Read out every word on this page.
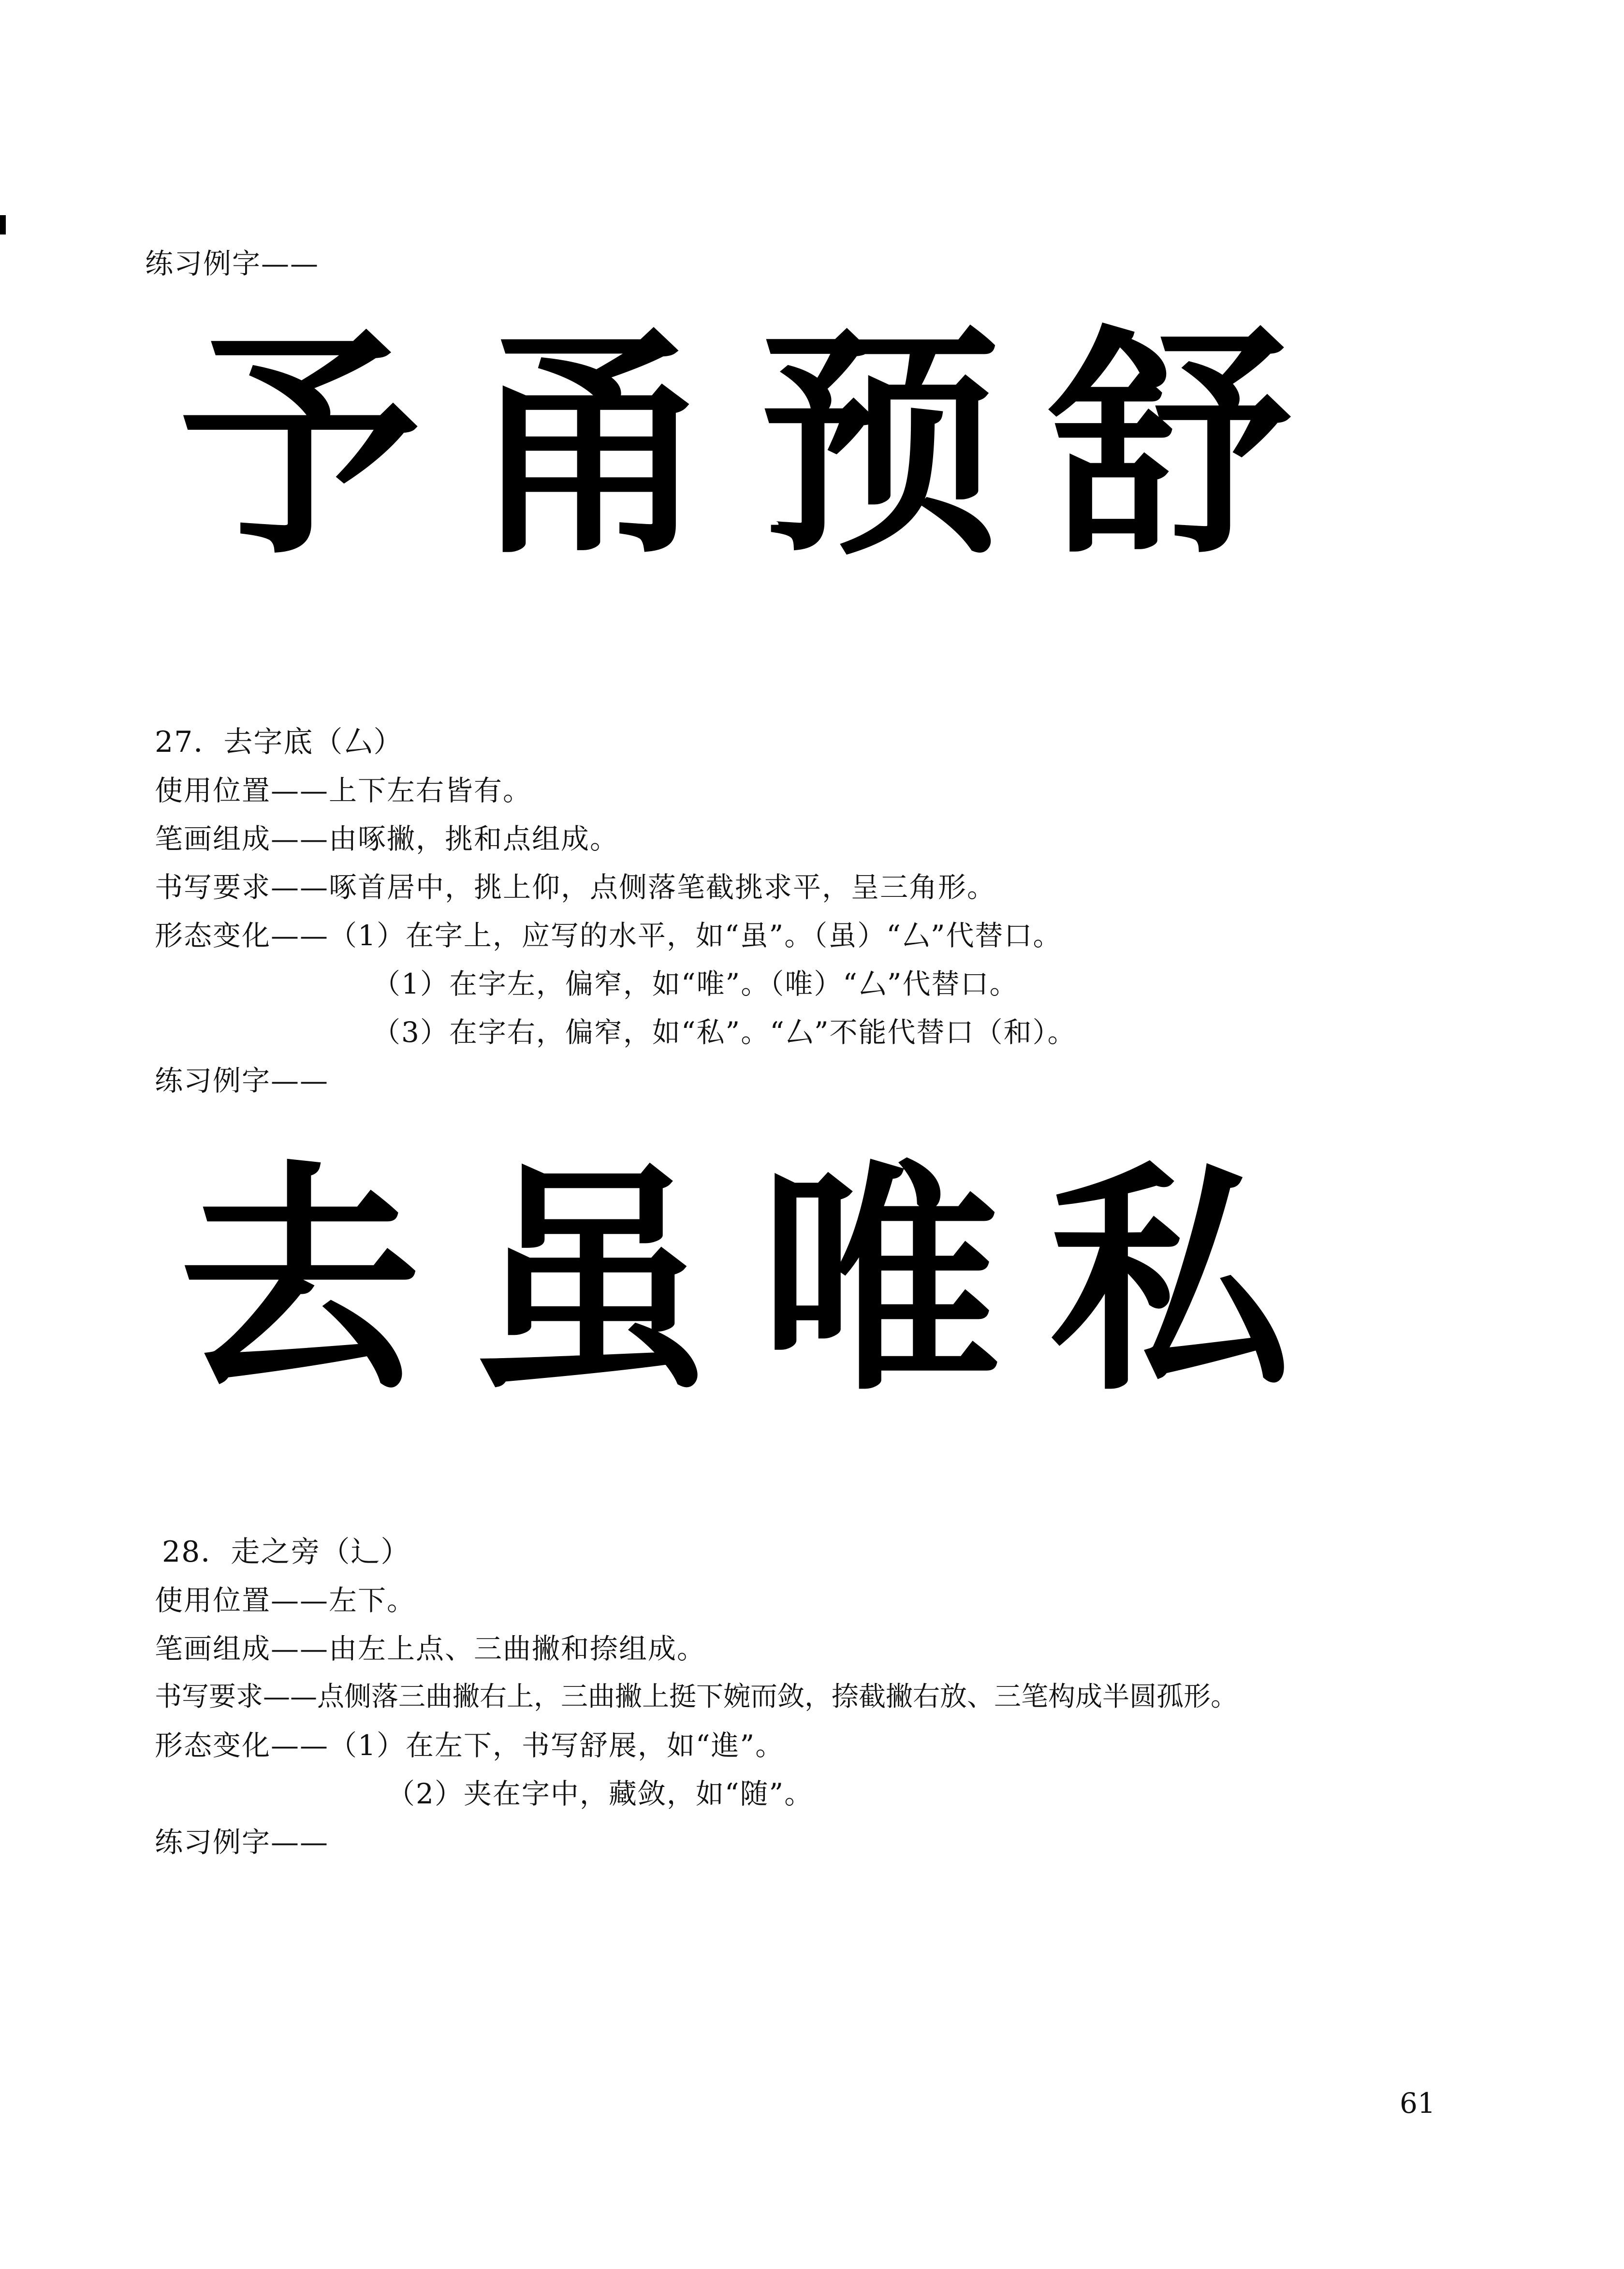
练习例字——
予 甬 预 舒
27．去字底（厶）
使用位置——上下左右皆有。
笔画组成——由啄撇，挑和点组成。
书写要求——啄首居中，挑上仰，点侧落笔截挑求平，呈三角形。
形态变化——（1）在字上，应写的水平，如“虽”。（虽）“厶”代替口。
（1）在字左，偏窄，如“唯”。（唯）“厶”代替口。
（3）在字右，偏窄，如“私”。“厶”不能代替口（和）。
练习例字——
去 虽 唯 私
28．走之旁（辶）
使用位置——左下。
笔画组成——由左上点、三曲撇和捺组成。
书写要求——点侧落三曲撇右上，三曲撇上挺下婉而敛，捺截撇右放、三笔构成半圆孤形。
形态变化——（1）在左下，书写舒展，如“進”。
（2）夹在字中，藏敛，如“随”。
练习例字——
61
